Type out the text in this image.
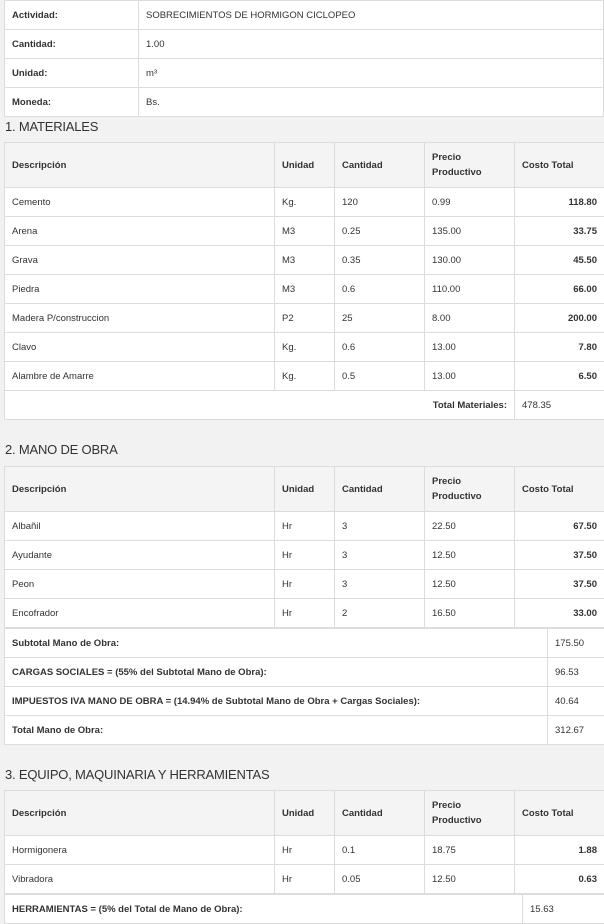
Actividad:	SOBRECIMIENTOS DE HORMIGON CICLOPEO
Cantidad:	1.00
Unidad:	m³
Moneda:	Bs.
1. MATERIALES
Descripción	Unidad	Cantidad	Precio Productivo	Costo Total
Cemento	Kg.	120	0.99	118.80
Arena	M3	0.25	135.00	33.75
Grava	M3	0.35	130.00	45.50
Piedra	M3	0.6	110.00	66.00
Madera P/construccion	P2	25	8.00	200.00
Clavo	Kg.	0.6	13.00	7.80
Alambre de Amarre	Kg.	0.5	13.00	6.50
Total Materiales:				478.35
2. MANO DE OBRA
Descripción	Unidad	Cantidad	Precio Productivo	Costo Total
Albañil	Hr	3	22.50	67.50
Ayudante	Hr	3	12.50	37.50
Peon	Hr	3	12.50	37.50
Encofrador	Hr	2	16.50	33.00
Subtotal Mano de Obra:	175.50
CARGAS SOCIALES = (55% del Subtotal Mano de Obra):	96.53
IMPUESTOS IVA MANO DE OBRA = (14.94% de Subtotal Mano de Obra + Cargas Sociales):	40.64
Total Mano de Obra:	312.67
3. EQUIPO, MAQUINARIA Y HERRAMIENTAS
Descripción	Unidad	Cantidad	Precio Productivo	Costo Total
Hormigonera	Hr	0.1	18.75	1.88
Vibradora	Hr	0.05	12.50	0.63
HERRAMIENTAS = (5% del Total de Mano de Obra):	15.63
